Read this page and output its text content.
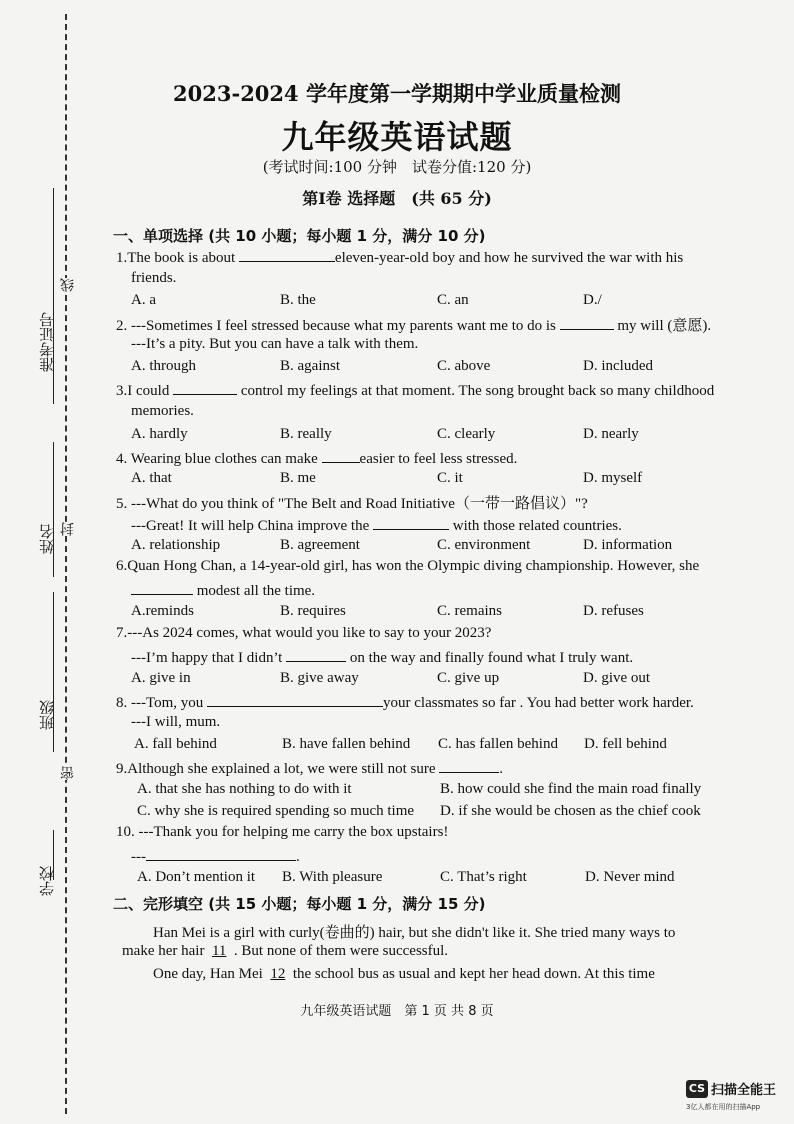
准考证号
姓名
班级
学校
线
封
密
2023-2024 学年度第一学期期中学业质量检测
九年级英语试题
(考试时间:100 分钟　试卷分值:120 分)
第Ⅰ卷 选择题　(共 65 分)
一、单项选择 (共 10 小题；每小题 1 分，满分 10 分)
1.The book is about	eleven-year-old boy and how he survived the war with his
friends.
A. a	B. the	C. an	D./
2. ---Sometimes I feel stressed because what my parents want me to do is	my will (意愿).
---It’s a pity. But you can have a talk with them.
A. through	B. against	C. above	D. included
3.I could	control my feelings at that moment. The song brought back so many childhood
memories.
A. hardly	B. really	C. clearly	D. nearly
4. Wearing blue clothes can make	easier to feel less stressed.
A. that	B. me	C. it	D. myself
5. ---What do you think of "The Belt and Road Initiative（一带一路倡议）"?
---Great! It will help China improve the	with those related countries.
A. relationship	B. agreement	C. environment	D. information
6.Quan Hong Chan, a 14-year-old girl, has won the Olympic diving championship. However, she
modest all the time.
A.reminds	B. requires	C. remains	D. refuses
7.---As 2024 comes, what would you like to say to your 2023?
---I’m happy that I didn’t	on the way and finally found what I truly want.
A. give in	B. give away	C. give up	D. give out
8. ---Tom, you	your classmates so far . You had better work harder.
---I will, mum.
A. fall behind	B. have fallen behind C. has fallen behind D. fell behind
9.Although she explained a lot, we were still not sure	.
A. that she has nothing to do with it	B. how could she find the main road finally
C. why she is required spending so much time D. if she would be chosen as the chief cook
10. ---Thank you for helping me carry the box upstairs!
---	.
A. Don’t mention it B. With pleasure	C. That’s right	D. Never mind
二、完形填空 (共 15 小题；每小题 1 分，满分 15 分)
Han Mei is a girl with curly(卷曲的) hair, but she didn't like it. She tried many ways to
make her hair 11 . But none of them were successful.
One day, Han Mei 12 the school bus as usual and kept her head down. At this time
九年级英语试题　第 1 页 共 8 页
CS 扫描全能王
3亿人都在用的扫描App
